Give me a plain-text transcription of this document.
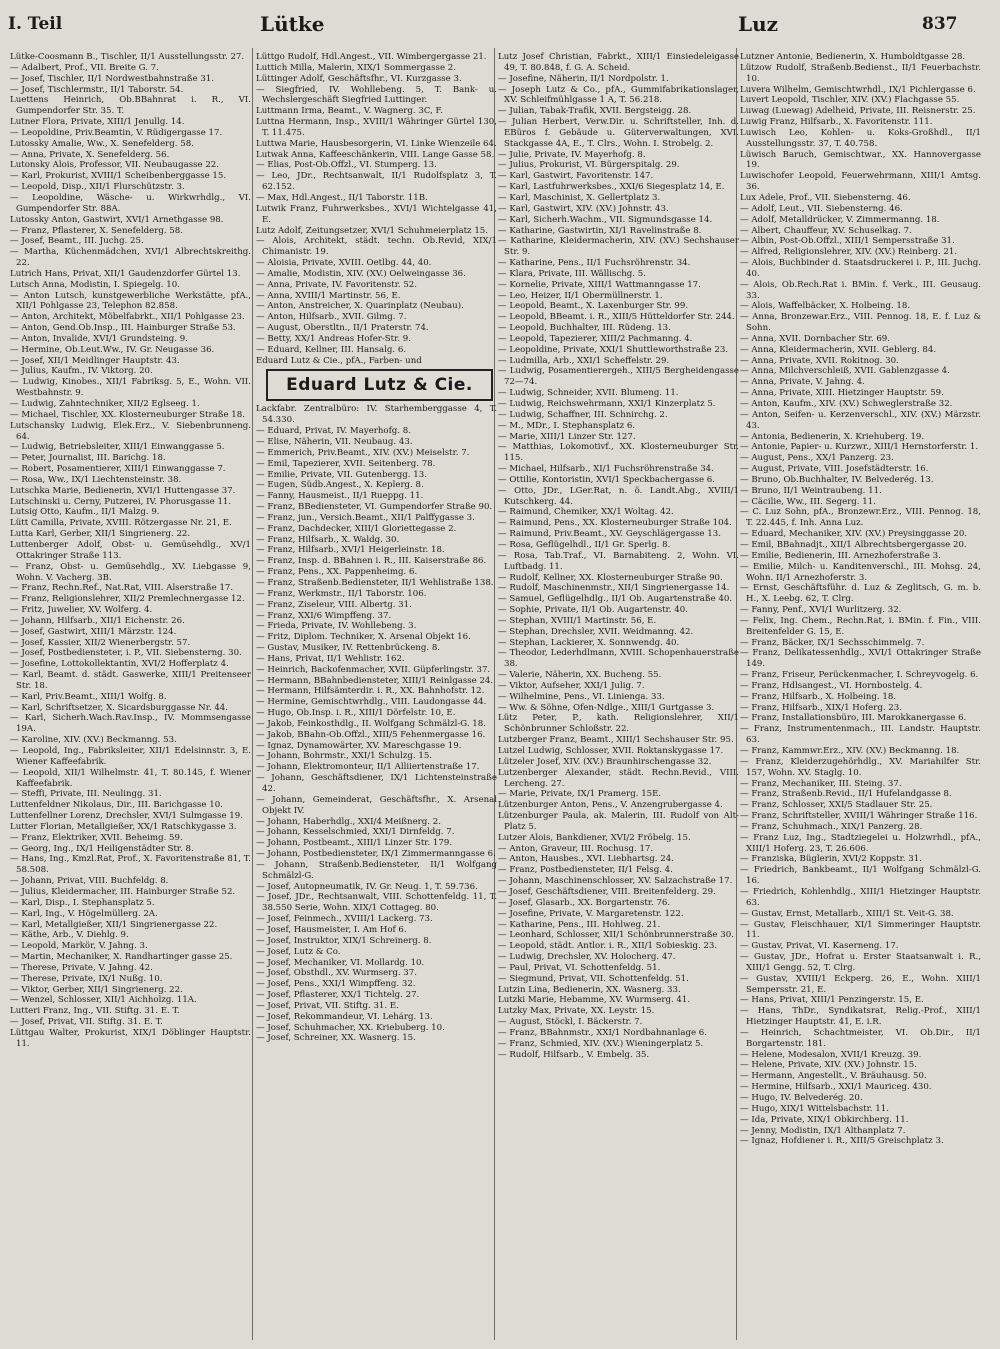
I. Teil	Lütke	Luz	837

Lütke-Coosmann B., Tischler, II/1 Ausstellungsstr. 27.

— Adalbert, Prof., VII. Breite G. 7.

— Josef, Tischler, II/1 Nordwestbahnstraße 31.

— Josef, Tischlermstr., II/1 Taborstr. 54.

Luettens Heinrich, Ob.BBahnrat i. R., VI. Gumpendorfer Str. 35. T.

Lutner Flora, Private, XIII/1 Jenullg. 14.

— Leopoldine, Priv.Beamtin, V. Rüdigergasse 17.

Lutossky Amalie, Ww., X. Senefelderg. 58.

— Anna, Private, X. Senefelderg. 56.

Lutonsky Alois, Professor, VII. Neubaugasse 22.

— Karl, Prokurist, XVIII/1 Scheibenberggasse 15.

— Leopold, Disp., XII/1 Flurschützstr. 3.

— Leopoldine, Wäsche- u. Wirkwrhdlg., VI. Gumpendorfer Str. 88A.

Lutossky Anton, Gastwirt, XVI/1 Arnethgasse 98.

— Franz, Pflasterer, X. Senefelderg. 58.

— Josef, Beamt., III. Juchg. 25.

— Martha, Küchenmädchen, XVI/1 Albrechtskreithg. 22.

Lutrich Hans, Privat, XII/1 Gaudenzdorfer Gürtel 13.

Lutsch Anna, Modistin, I. Spiegelg. 10.

— Anton Lutsch, kunstgewerbliche Werkstätte, pfA., XII/1 Pohlgasse 23, Telephon 82.858.

— Anton, Architekt, Möbelfabrkt., XII/1 Pohlgasse 23.

— Anton, Gend.Ob.Insp., III. Hainburger Straße 53.

— Anton, Invalide, XVI/1 Grundsteing. 9.

— Hermine, Ob.Leut.Ww., IV. Gr. Neugasse 36.

— Josef, XII/1 Meidlinger Hauptstr. 43.

— Julius, Kaufm., IV. Viktorg. 20.

— Ludwig, Kinobes., XII/1 Fabriksg. 5, E., Wohn. VII. Westbahnstr. 9.

— Ludwig, Zahntechniker, XII/2 Eglseeg. 1.

— Michael, Tischler, XX. Klosterneuburger Straße 18.

Lutschansky Ludwig, Elek.Erz., V. Siebenbrunneng. 64.

— Ludwig, Betriebsleiter, XIII/1 Einwanggasse 5.

— Peter, Journalist, III. Barichg. 18.

— Robert, Posamentierer, XIII/1 Einwanggasse 7.

— Rosa, Ww., IX/1 Liechtensteinstr. 38.

Lutschka Marie, Bedienerin, XVI/1 Huttengasse 37.

Lutschinski u. Cerny, Putzerei, IV. Phorusgasse 11.

Lutsig Otto, Kaufm., II/1 Malzg. 9.

Lütt Camilla, Private, XVIII. Rötzergasse Nr. 21, E.

Lutta Karl, Gerber, XII/1 Singrienerg. 22.

Luttenberger Adolf, Obst- u. Gemüsehdlg., XV/1 Ottakringer Straße 113.

— Franz, Obst- u. Gemüsehdlg., XV. Liebgasse 9, Wohn. V. Vacherg. 3B.

— Franz, Rechn.Ref., Nat.Rat, VIII. Alserstraße 17.

— Franz, Religionslehrer, XII/2 Premlechnergasse 12.

— Fritz, Juwelier, XV. Wolferg. 4.

— Johann, Hilfsarb., XII/1 Eichenstr. 26.

— Josef, Gastwirt, XIII/1 Märzstr. 124.

— Josef, Kassier, XII/2 Wienerbergstr. 57.

— Josef, Postbediensteter, i. P., VII. Siebensterng. 30.

— Josefine, Lottokollektantin, XVI/2 Hofferplatz 4.

— Karl, Beamt. d. städt. Gaswerke, XIII/1 Preitenseer Str. 18.

— Karl, Priv.Beamt., XIII/1 Wolfg. 8.

— Karl, Schriftsetzer, X. Sicardsburggasse Nr. 44.

— Karl, Sicherh.Wach.Rav.Insp., IV. Mommsengasse 19A.

— Karoline, XIV. (XV.) Beckmanng. 53.

— Leopold, Ing., Fabriksleiter, XII/1 Edelsinnstr. 3, E. Wiener Kaffeefabrik.

— Leopold, XII/1 Wilhelmstr. 41, T. 80.145, f. Wiener Kaffeefabrik.

— Steffi, Private, III. Neulingg. 31.

Luttenfeldner Nikolaus, Dir., III. Barichgasse 10.

Luttenfellner Lorenz, Drechsler, XVI/1 Sulmgasse 19.

Lutter Florian, Metallgießer, XX/1 Ratschkygasse 3.

— Franz, Elektriker, XVII. Beheimg. 59.

— Georg, Ing., IX/1 Heiligenstädter Str. 8.

— Hans, Ing., Kmzl.Rat, Prof., X. Favoritenstraße 81, T. 58.508.

— Johann, Privat, VIII. Buchfeldg. 8.

— Julius, Kleidermacher, III. Hainburger Straße 52.

— Karl, Disp., I. Stephansplatz 5.

— Karl, Ing., V. Högelmüllerg. 2A.

— Karl, Metallgießer, XII/1 Singrienergasse 22.

— Käthe, Arb., V. Diehlg. 9.

— Leopold, Markör, V. Jahng. 3.

— Martin, Mechaniker, X. Randhartinger gasse 25.

— Therese, Private, V. Jahng. 42.

— Therese, Private, IX/1 Nußg. 10.

— Viktor, Gerber, XII/1 Singrienerg. 22.

— Wenzel, Schlosser, XII/1 Aichholzg. 11A.

Lutteri Franz, Ing., VII. Stiftg. 31. E. T.

— Josef, Privat, VII. Stiftg. 31. E. T.

Lüttgau Walter, Prokurist, XIX/1 Döblinger Hauptstr. 11.

Lüttgo Rudolf, Hdl.Angest., VII. Wimbergergasse 21.

Luttich Milla, Malerin, XIX/1 Sommergasse 2.

Lüttinger Adolf, Geschäftsfhr., VI. Kurzgasse 3.

— Siegfried, IV. Wohllebeng. 5, T. Bank- u. Wechslergeschäft Siegfried Luttinger.

Luttmann Irma, Beamt., V. Wagnerg. 3C, F.

Luttna Hermann, Insp., XVIII/1 Währinger Gürtel 130, T. 11.475.

Luttwa Marie, Hausbesorgerin, VI. Linke Wienzeile 64.

Lutwak Anna, Kaffeeschänkerin, VIII. Lange Gasse 58.

— Elias, Post-Ob.Offzl., VI. Stumperg. 13.

— Leo, JDr., Rechtsanwalt, II/1 Rudolfsplatz 3, T. 62.152.

— Max, Hdl.Angest., II/1 Taborstr. 11B.

Lutwik Franz, Fuhrwerksbes., XVI/1 Wichtelgasse 41, E.

Lutz Adolf, Zeitungsetzer, XVI/1 Schuhmeierplatz 15.

— Alois, Architekt, städt. techn. Ob.Revid, XIX/1 Chimanistr. 19.

— Aloisia, Private, XVIII. Oetlbg. 44, 40.

— Amalie, Modistin, XIV. (XV.) Oelweingasse 36.

— Anna, Private, IV. Favoritenstr. 52.

— Anna, XVIII/1 Martinstr. 56, E.

— Anton, Anstreicher, X. Quarinplatz (Neubau).

— Anton, Hilfsarb., XVII. Gilmg. 7.

— August, Oberstltn., II/1 Praterstr. 74.

— Betty, XX/1 Andreas Hofer-Str. 9.

— Eduard, Kellner, III. Hansalg. 6.

Eduard Lutz & Cie., pfA., Farben- und

Eduard Lutz & Cie.

Lackfabr. Zentralbüro: IV. Starhemberggasse 4, T. 54.330.

— Eduard, Privat, IV. Mayerhofg. 8.

— Elise, Näherin, VII. Neubaug. 43.

— Emmerich, Priv.Beamt., XIV. (XV.) Meiselstr. 7.

— Emil, Tapezierer, XVII. Seitenberg. 78.

— Emilie, Private, VII. Gutenbergg. 13.

— Eugen, Südb.Angest., X. Keplerg. 8.

— Fanny, Hausmeist., II/1 Rueppg. 11.

— Franz, BBediensteter, VI. Gumpendorfer Straße 90.

— Franz, jun., Versich.Beamt., XII/1 Palffygasse 3.

— Franz, Dachdecker, XIII/1 Gloriettegasse 2.

— Franz, Hilfsarb., X. Waldg. 30.

— Franz, Hilfsarb., XVI/1 Heigerleinstr. 18.

— Franz, Insp. d. BBahnen i. R., III. Kaiserstraße 86.

— Franz, Pens., XX. Pappenheimg. 6.

— Franz, Straßenb.Bediensteter, II/1 Wehlistraße 138.

— Franz, Werkmstr., II/1 Taborstr. 106.

— Franz, Ziseleur, VIII. Albertg. 31.

— Franz, XXI/6 Wimpffeng. 37.

— Frieda, Private, IV. Wohllebeng. 3.

— Fritz, Diplom. Techniker, X. Arsenal Objekt 16.

— Gustav, Musiker, IV. Rettenbrückeng. 8.

— Hans, Privat, II/1 Wehlistr. 162.

— Heinrich, Backofenmacher, XVII. Güpferlingstr. 37.

— Hermann, BBahnbediensteter, XIII/1 Reinlgasse 24.

— Hermann, Hilfsämterdir. i. R., XX. Bahnhofstr. 12.

— Hermine, Gemischtwrhdlg., VIII. Laudongasse 44.

— Hugo, Ob.Insp. i. R., XIII/1 Dörfelstr. 10, E.

— Jakob, Feinkosthdlg., II. Wolfgang Schmälzl-G. 18.

— Jakob, BBahn-Ob.Offzl., XIII/5 Fehenmergasse 16.

— Ignaz, Dynamowärter, XV. Mareschgasse 19.

— Johann, Bohrmstr., XXI/1 Schulzg. 15.

— Johann, Elektromonteur, II/1 Alliiertenstraße 17.

— Johann, Geschäftsdiener, IX/1 Lichtensteinstraße 42.

— Johann, Gemeinderat, Geschäftsfhr., X. Arsenal Objekt IV.

— Johann, Haberhdlg., XXI/4 Meißnerg. 2.

— Johann, Kesselschmied, XXI/1 Dirnfeldg. 7.

— Johann, Postbeamt., XIII/1 Linzer Str. 179.

— Johann, Postbediensteter, IX/1 Zimmermanngasse 6.

— Johann, Straßenb.Bediensteter, II/1 Wolfgang Schmälzl-G.

— Josef, Autopneumatik, IV. Gr. Neug. 1, T. 59.736.

— Josef, JDr., Rechtsanwalt, VIII. Schottenfeldg. 11, T. 38.550 Serie, Wohn. XIX/1 Cottageg. 80.

— Josef, Feinmech., XVIII/1 Lackerg. 73.

— Josef, Hausmeister, I. Am Hof 6.

— Josef, Instruktor, XIX/1 Schreinerg. 8.

— Josef, Lutz & Co.

— Josef, Mechaniker, VI. Mollardg. 10.

— Josef, Obsthdl., XV. Wurmserg. 37.

— Josef, Pens., XXI/1 Wimpffeng. 32.

— Josef, Pflasterer, XX/1 Tichtelg. 27.

— Josef, Privat, VII. Stiftg. 31. E.

— Josef, Rekommandeur, VI. Lehárg. 13.

— Josef, Schuhmacher, XX. Kriebuberg. 10.

— Josef, Schreiner, XX. Wasnerg. 15.

Lutz Josef Christian, Fabrkt., XIII/1 Einsiedeleigasse 49, T. 80.848, f. G. A. Scheid.

— Josefine, Näherin, II/1 Nordpolstr. 1.

— Joseph Lutz & Co., pfA., Gummifabrikationslager, XV. Schleifmühlgasse 1 A, T. 56.218.

— Julian, Tabak-Trafik, XVII. Bergsteigg. 28.

— Julian Herbert, Verw.Dir. u. Schriftsteller, Inh. d. EBüros f. Gebäude u. Güterverwaltungen, XVI. Stackgasse 4A, E., T. Clrs., Wohn. I. Strobelg. 2.

— Julie, Private, IV. Mayerhofg. 8.

— Julius, Prokurist, VI. Bürgerspitalg. 29.

— Karl, Gastwirt, Favoritenstr. 147.

— Karl, Lastfuhrwerksbes., XXI/6 Siegesplatz 14, E.

— Karl, Maschinist, X. Gellertplatz 3.

— Karl, Gastwirt, XIV. (XV.) Johnstr. 43.

— Karl, Sicherh.Wachm., VII. Sigmundsgasse 14.

— Katharine, Gastwirtin, XI/1 Ravelinstraße 8.

— Katharine, Kleidermacherin, XIV. (XV.) Sechshauser Str. 9.

— Katharine, Pens., II/1 Fuchsröhrenstr. 34.

— Klara, Private, III. Wällischg. 5.

— Kornelie, Private, XIII/1 Wattmanngasse 17.

— Leo, Heizer, II/1 Obermüllnerstr. 1.

— Leopold, Beamt., X. Laxenburger Str. 99.

— Leopold, BBeamt. i. R., XIII/5 Hütteldorfer Str. 244.

— Leopold, Buchhalter, III. Rüdeng. 13.

— Leopold, Tapezierer, XIII/2 Pachmanng. 4.

— Leopoldine, Private, XXI/1 Shuttleworthstraße 23.

— Ludmilla, Arb., XXI/1 Scheffelstr. 29.

— Ludwig, Posamentierergeh., XIII/5 Bergheidengasse 72—74.

— Ludwig, Schneider, XVII. Blumeng. 11.

— Ludwig, Reichswehrmann, XXI/1 Kinzerplatz 5.

— Ludwig, Schaffner, III. Schnirchg. 2.

— M., MDr., I. Stephansplatz 6.

— Marie, XIII/1 Linzer Str. 127.

— Matthias, Lokomotivf., XX. Klosterneuburger Str. 115.

— Michael, Hilfsarb., XI/1 Fuchsröhrenstraße 34.

— Ottilie, Kontoristin, XVI/1 Speckbachergasse 6.

— Otto, JDr., LGer.Rat, n. ö. Landt.Abg., XVIII/1 Kutschkerg. 44.

— Raimund, Chemiker, XX/1 Woltag. 42.

— Raimund, Pens., XX. Klosterneuburger Straße 104.

— Raimund, Priv.Beamt., XV. Geyschlägergasse 13.

— Rosa, Geflügelhdl., II/1 Gr. Sperlg. 8.

— Rosa, Tab.Traf., VI. Barnabiteng. 2, Wohn. VI. Luftbadg. 11.

— Rudolf, Kellner, XX. Klosterneuburger Straße 90.

— Rudolf, Maschinenmstr., XII/1 Singrienergasse 14.

— Samuel, Geflügelhdlg., II/1 Ob. Augartenstraße 40.

— Sophie, Private, II/1 Ob. Augartenstr. 40.

— Stephan, XVIII/1 Martinstr. 56, E.

— Stephan, Drechsler, XVII. Weidmanng. 42.

— Stephan, Lackierer, X. Sonnwendg. 40.

— Theodor, Lederhdlmann, XVIII. Schopenhauerstraße 38.

— Valerie, Näherin, XX. Bucheng. 55.

— Viktor, Aufseher, XXI/1 Julig. 7.

— Wilhelmine, Pens., VI. Linienga. 33.

— Ww. & Söhne, Ofen-Ndlge., XIII/1 Gurtgasse 3.

Lütz Peter, P., kath. Religionslehrer, XII/1 Schönbrunner Schloßstr. 22.

Lutzberger Franz, Beamt., XIII/1 Sechshauser Str. 95.

Lutzel Ludwig, Schlosser, XVII. Roktanskygasse 17.

Lützeler Josef, XIV. (XV.) Braunhirschengasse 32.

Lutzenberger Alexander, städt. Rechn.Revid., VIII. Lercheng. 27.

— Marie, Private, IX/1 Pramerg. 15E.

Lützenburger Anton, Pens., V. Anzengrubergasse 4.

Lützenburger Paula, ak. Malerin, III. Rudolf von Alt-Platz 5.

Lutzer Alois, Bankdiener, XVI/2 Fröbelg. 15.

— Anton, Graveur, III. Rochusg. 17.

— Anton, Hausbes., XVI. Liebhartsg. 24.

— Franz, Postbediensteter, II/1 Felsg. 4.

— Johann, Maschinenschlosser, XV. Salzachstraße 17.

— Josef, Geschäftsdiener, VIII. Breitenfelderg. 29.

— Josef, Glasarb., XX. Borgartenstr. 76.

— Josefine, Private, V. Margaretenstr. 122.

— Katharine, Pens., III. Hohlweg. 21.

— Leonhard, Schlosser, XII/1 Schönbrunnerstraße 30.

— Leopold, städt. Antlor. i. R., XII/1 Sobieskig. 23.

— Ludwig, Drechsler, XV. Holocherg. 47.

— Paul, Privat, VI. Schottenfeldg. 51.

— Siegmund, Privat, VII. Schottenfeldg. 51.

Lutzin Lina, Bedienerin, XX. Wasnerg. 33.

Lutzki Marie, Hebamme, XV. Wurmserg. 41.

Lutzky Max, Private, XX. Leystr. 15.

— August, Stöckl, I. Bäckerstr. 7.

— Franz, BBahnmstr., XXI/1 Nordbahnanlage 6.

— Franz, Schmied, XIV. (XV.) Wieningerplatz 5.

— Rudolf, Hilfsarb., V. Embelg. 35.

Lutzner Antonie, Bedienerin, X. Humboldtgasse 28.

Lützow Rudolf, Straßenb.Bedienst., II/1 Feuerbachstr. 10.

Luvera Wilhelm, Gemischtwrhdl., IX/1 Pichlergasse 6.

Luvert Leopold, Tischler, XIV. (XV.) Flachgasse 55.

Luwag (Luewag) Adelheid, Private, III. Reisnerstr. 25.

Luwig Franz, Hilfsarb., X. Favoritenstr. 111.

Luwisch Leo, Kohlen- u. Koks-Großhdl., II/1 Ausstellungsstr. 37, T. 40.758.

Lüwisch Baruch, Gemischtwar., XX. Hannovergasse 19.

Luwischofer Leopold, Feuerwehrmann, XIII/1 Amtsg. 36.

Lux Adele, Prof., VII. Siebensterng. 46.

— Adolf, Leut., VII. Siebensterng. 46.

— Adolf, Metalldrücker, V. Zimmermanng. 18.

— Albert, Chauffeur, XV. Schuselkag. 7.

— Albin, Post-Ob.Offzl., XIII/1 Sempersstraße 31.

— Alfred, Religionslehrer, XIV. (XV.) Reinberg. 21.

— Alois, Buchbinder d. Staatsdruckerei i. P., III. Juchg. 40.

— Alois, Ob.Rech.Rat i. BMin. f. Verk., III. Geusaug. 33.

— Alois, Waffelbäcker, X. Holbeing. 18.

— Anna, Bronzewar.Erz., VIII. Pennog. 18, E. f. Luz & Sohn.

— Anna, XVII. Dornbacher Str. 69.

— Anna, Kleidermacherin, XVII. Geblerg. 84.

— Anna, Private, XVII. Rokitnog. 30.

— Anna, Milchverschleiß, XVII. Gablenzgasse 4.

— Anna, Private, V. Jahng. 4.

— Anna, Private, XIII. Hietzinger Hauptstr. 59.

— Anton, Kaufm., XIV. (XV.) Schweglerstraße 32.

— Anton, Seifen- u. Kerzenverschl., XIV. (XV.) Märzstr. 43.

— Antonia, Bedienerin, X. Kriehuberg. 19.

— Antonie, Papier- u. Kurzwr., XIII/1 Hernstorferstr. 1.

— August, Pens., XX/1 Panzerg. 23.

— August, Private, VIII. Josefstädterstr. 16.

— Bruno, Ob.Buchhalter, IV. Belvederég. 13.

— Bruno, II/1 Weintraubeng. 11.

— Cäcilie, Ww., III. Segerg. 11.

— C. Luz Sohn, pfA., Bronzewr.Erz., VIII. Pennog. 18, T. 22.445, f. Inh. Anna Luz.

— Eduard, Mechaniker, XIV. (XV.) Preysinggasse 20.

— Emil, BBahnadjt., XII/1 Albrechtsbergergasse 20.

— Emilie, Bedienerin, III. Arnezhoferstraße 3.

— Emilie, Milch- u. Kanditenverschl., III. Mohsg. 24, Wohn. II/1 Arnezhoferstr. 3.

— Ernst, Geschäftsführ. d. Luz & Zeglitsch, G. m. b. H., X. Leebg. 62, T. Clrg.

— Fanny, Penf., XVI/1 Wurlitzerg. 32.

— Felix, Ing. Chem., Rechn.Rat, i. BMin. f. Fin., VIII. Breitenfelder G. 15, E.

— Franz, Bäcker, IX/1 Sechsschimmelg. 7.

— Franz, Delikatessenhdlg., XVI/1 Ottakringer Straße 149.

— Franz, Friseur, Perückenmacher, I. Schreyvogelg. 6.

— Franz, Hdlsangest., VI. Hornbostelg. 4.

— Franz, Hilfsarb., X. Holbeing. 18.

— Franz, Hilfsarb., XIX/1 Hoferg. 23.

— Franz, Installationsbüro, III. Marokkanergasse 6.

— Franz, Instrumentenmach., III. Landstr. Hauptstr. 63.

— Franz, Kammwr.Erz., XIV. (XV.) Beckmanng. 18.

— Franz, Kleiderzugehörhdlg., XV. Mariahilfer Str. 157, Wohn. XV. Staglg. 10.

— Franz, Mechaniker, III. Steing. 37.

— Franz, Straßenb.Revid., II/1 Hufelandgasse 8.

— Franz, Schlosser, XXI/5 Stadlauer Str. 25.

— Franz, Schriftsteller, XVIII/1 Währinger Straße 116.

— Franz, Schuhmach., XIX/1 Panzerg. 28.

— Franz Luz, Ing., Stadtziegelei u. Holzwrhdl., pfA., XIII/1 Hoferg. 23, T. 26.606.

— Franziska, Büglerin, XVI/2 Koppstr. 31.

— Friedrich, Bankbeamt., II/1 Wolfgang Schmälzl-G. 16.

— Friedrich, Kohlenhdlg., XIII/1 Hietzinger Hauptstr. 63.

— Gustav, Ernst, Metallarb., XIII/1 St. Veit-G. 38.

— Gustav, Fleischhauer, XI/1 Simmeringer Hauptstr. 11.

— Gustav, Privat, VI. Kaserneng. 17.

— Gustav, JDr., Hofrat u. Erster Staatsanwalt i. R., XIII/1 Gengg. 52, T. Clrg.

— Gustav, XVIII/1 Eckperg. 26, E., Wohn. XIII/1 Sempersstr. 21, E.

— Hans, Privat, XIII/1 Penzingerstr. 15, E.

— Hans, ThDr., Syndikatsrat, Relig.-Prof., XIII/1 Hietzinger Hauptstr. 41, E. i.R.

— Heinrich, Schachtmeister, VI. Ob.Dir., II/1 Borgartenstr. 181.

— Helene, Modesalon, XVII/1 Kreuzg. 39.

— Helene, Private, XIV. (XV.) Johnstr. 15.

— Hermann, Angestellt., V. Bräuhausg. 50.

— Hermine, Hilfsarb., XXI/1 Mauriceg. 430.

— Hugo, IV. Belvederég. 20.

— Hugo, XIX/1 Wittelsbachstr. 11.

— Ida, Private, XIX/1 Obkirchberg. 11.

— Jenny, Modistin, IX/1 Althanplatz 7.

— Ignaz, Hofdiener i. R., XIII/5 Greischplatz 3.
